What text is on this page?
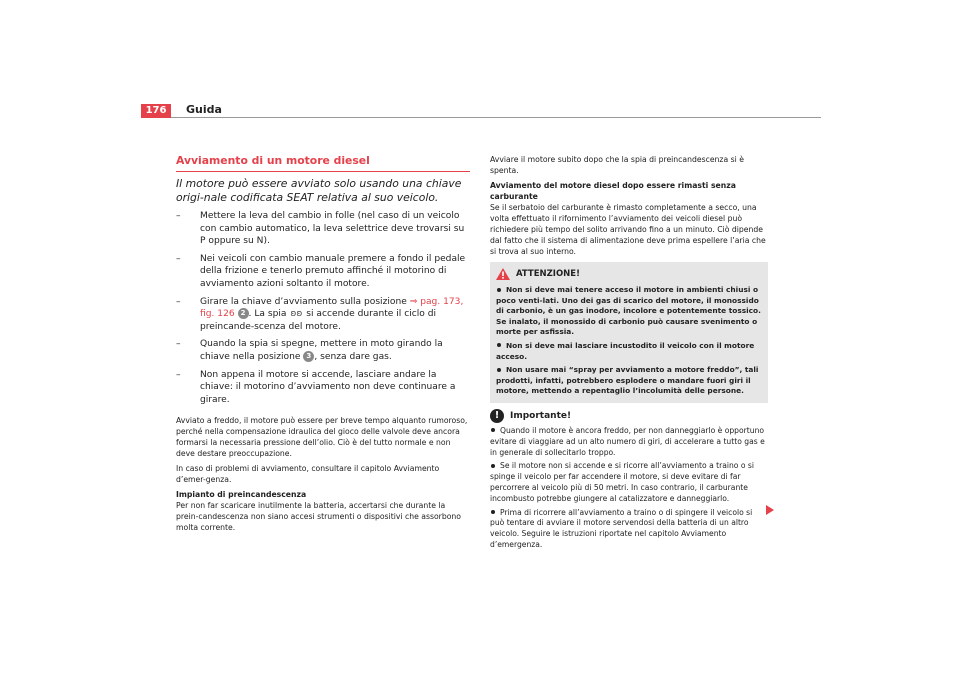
176	Guida
Avviamento di un motore diesel

Il motore può essere avviato solo usando una chiave origi-nale codificata SEAT relativa al suo veicolo.

– Mettere la leva del cambio in folle (nel caso di un veicolo con cambio automatico, la leva selettrice deve trovarsi su P oppure su N).
– Nei veicoli con cambio manuale premere a fondo il pedale della frizione e tenerlo premuto affinché il motorino di avviamento azioni soltanto il motore.
– Girare la chiave d’avviamento sulla posizione ⇒ pag. 173, fig. 126 2 . La spia ʚʚ si accende durante il ciclo di preincande-scenza del motore.
– Quando la spia si spegne, mettere in moto girando la chiave nella posizione 3 , senza dare gas.
– Non appena il motore si accende, lasciare andare la chiave: il motorino d’avviamento non deve continuare a girare.

Avviato a freddo, il motore può essere per breve tempo alquanto rumoroso, perché nella compensazione idraulica del gioco delle valvole deve ancora formarsi la necessaria pressione dell’olio. Ciò è del tutto normale e non deve destare preoccupazione.

In caso di problemi di avviamento, consultare il capitolo Avviamento d’emer-genza.

Impianto di preincandescenza

Per non far scaricare inutilmente la batteria, accertarsi che durante la prein-candescenza non siano accesi strumenti o dispositivi che assorbono molta corrente.

Avviare il motore subito dopo che la spia di preincandescenza si è spenta.

Avviamento del motore diesel dopo essere rimasti senza carburante

Se il serbatoio del carburante è rimasto completamente a secco, una volta effettuato il rifornimento l’avviamento dei veicoli diesel può richiedere più tempo del solito arrivando fino a un minuto. Ciò dipende dal fatto che il sistema di alimentazione deve prima espellere l’aria che si trova al suo interno.

ATTENZIONE!

Non si deve mai tenere acceso il motore in ambienti chiusi o poco venti-lati. Uno dei gas di scarico del motore, il monossido di carbonio, è un gas inodore, incolore e potentemente tossico. Se inalato, il monossido di carbonio può causare svenimento o morte per asfissia.

Non si deve mai lasciare incustodito il veicolo con il motore acceso.

Non usare mai “spray per avviamento a motore freddo”, tali prodotti, infatti, potrebbero esplodere o mandare fuori giri il motore, mettendo a repentaglio l’incolumità delle persone.

!	Importante!

Quando il motore è ancora freddo, per non danneggiarlo è opportuno evitare di viaggiare ad un alto numero di giri, di accelerare a tutto gas e in generale di sollecitarlo troppo.

Se il motore non si accende e si ricorre all’avviamento a traino o si spinge il veicolo per far accendere il motore, si deve evitare di far percorrere al veicolo più di 50 metri. In caso contrario, il carburante incombusto potrebbe giungere al catalizzatore e danneggiarlo.

Prima di ricorrere all’avviamento a traino o di spingere il veicolo si può tentare di avviare il motore servendosi della batteria di un altro veicolo. Seguire le istruzioni riportate nel capitolo Avviamento d’emergenza.
